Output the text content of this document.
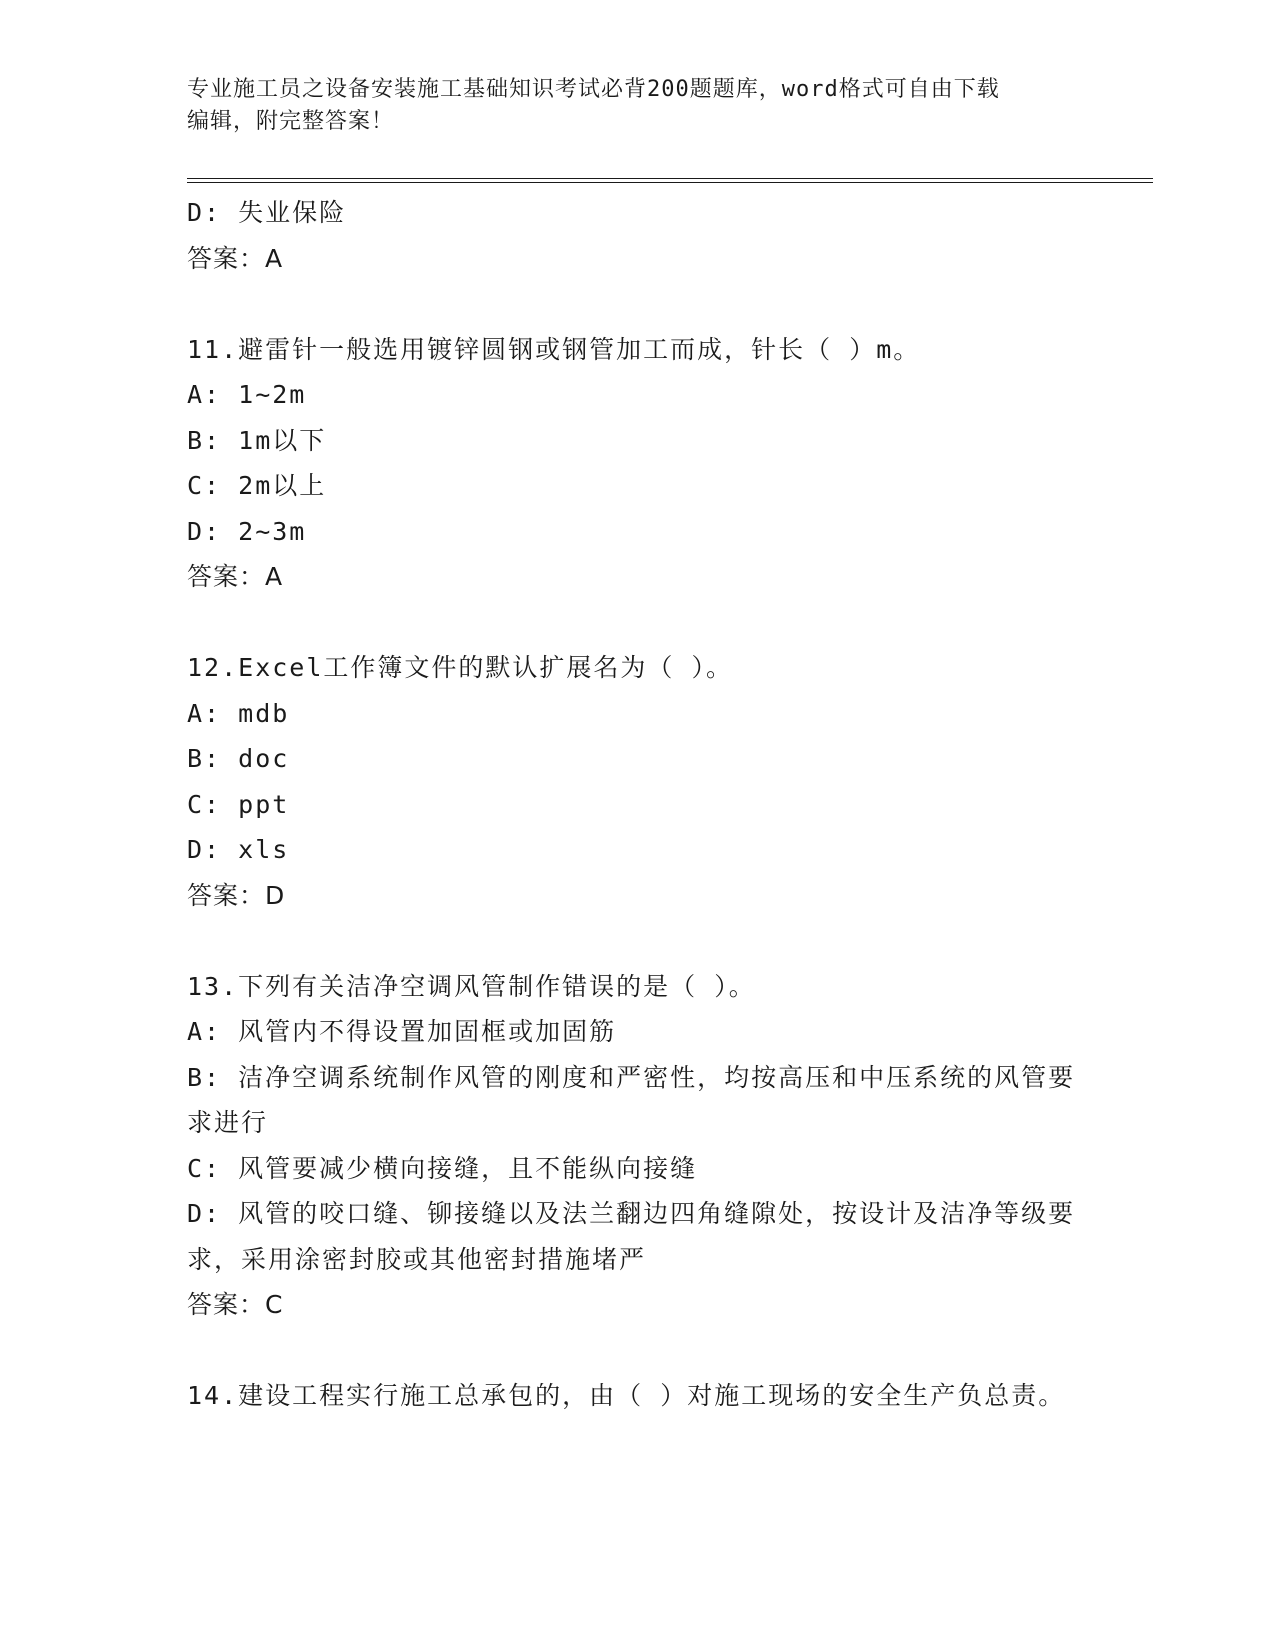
专业施工员之设备安装施工基础知识考试必背200题题库，word格式可自由下载
编辑，附完整答案！
D: 失业保险
答案：A
11.避雷针一般选用镀锌圆钢或钢管加工而成，针长（ ）m。
A: 1~2m
B: 1m以下
C: 2m以上
D: 2~3m
答案：A
12.Excel工作簿文件的默认扩展名为（ ）。
A: mdb
B: doc
C: ppt
D: xls
答案：D
13.下列有关洁净空调风管制作错误的是（ ）。
A: 风管内不得设置加固框或加固筋
B: 洁净空调系统制作风管的刚度和严密性，均按高压和中压系统的风管要求进行
C: 风管要减少横向接缝，且不能纵向接缝
D: 风管的咬口缝、铆接缝以及法兰翻边四角缝隙处，按设计及洁净等级要求，采用涂密封胶或其他密封措施堵严
答案：C
14.建设工程实行施工总承包的，由（ ）对施工现场的安全生产负总责。
